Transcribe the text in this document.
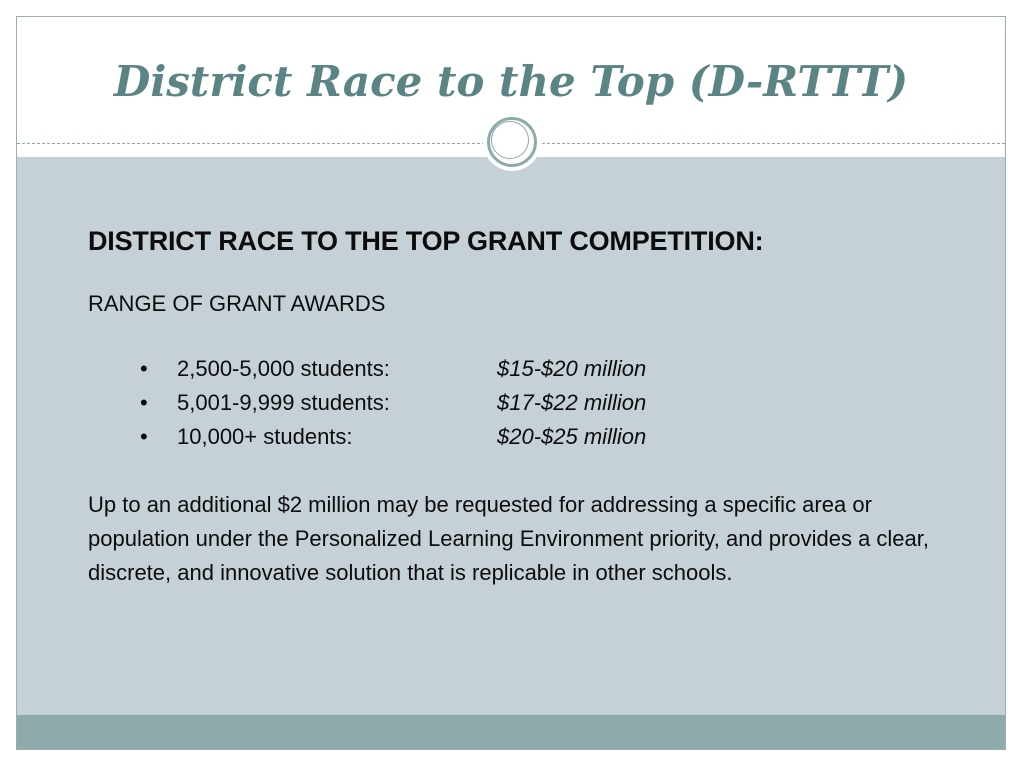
District Race to the Top (D-RTTT)

DISTRICT RACE TO THE TOP GRANT COMPETITION:

RANGE OF GRANT AWARDS

• 2,500-5,000 students:	$15-$20 million
• 5,001-9,999 students:	$17-$22 million
• 10,000+ students:	$20-$25 million

Up to an additional $2 million may be requested for addressing a specific area or population under the Personalized Learning Environment priority, and provides a clear, discrete, and innovative solution that is replicable in other schools.
